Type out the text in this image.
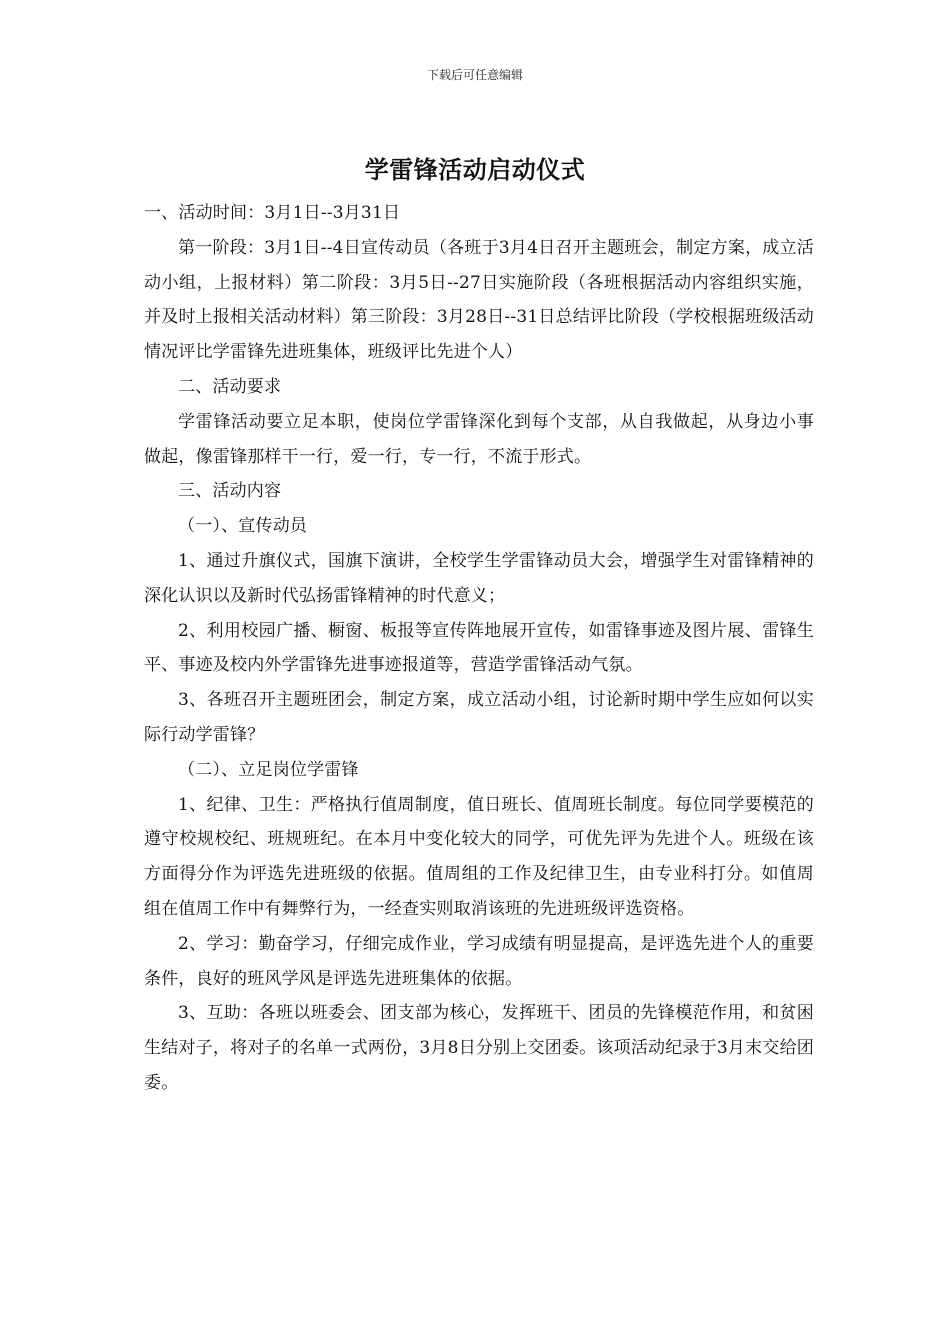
下载后可任意编辑
学雷锋活动启动仪式

一、活动时间：3月1日--3月31日

第一阶段：3月1日--4日宣传动员（各班于3月4日召开主题班会，制定方案，成立活动小组，上报材料）第二阶段：3月5日--27日实施阶段（各班根据活动内容组织实施，并及时上报相关活动材料）第三阶段：3月28日--31日总结评比阶段（学校根据班级活动情况评比学雷锋先进班集体，班级评比先进个人）

二、活动要求

学雷锋活动要立足本职，使岗位学雷锋深化到每个支部，从自我做起，从身边小事做起，像雷锋那样干一行，爱一行，专一行，不流于形式。

三、活动内容

（一）、宣传动员

1、通过升旗仪式，国旗下演讲，全校学生学雷锋动员大会，增强学生对雷锋精神的深化认识以及新时代弘扬雷锋精神的时代意义；

2、利用校园广播、橱窗、板报等宣传阵地展开宣传，如雷锋事迹及图片展、雷锋生平、事迹及校内外学雷锋先进事迹报道等，营造学雷锋活动气氛。

3、各班召开主题班团会，制定方案，成立活动小组，讨论新时期中学生应如何以实际行动学雷锋？

（二）、立足岗位学雷锋

1、纪律、卫生：严格执行值周制度，值日班长、值周班长制度。每位同学要模范的遵守校规校纪、班规班纪。在本月中变化较大的同学，可优先评为先进个人。班级在该方面得分作为评选先进班级的依据。值周组的工作及纪律卫生，由专业科打分。如值周组在值周工作中有舞弊行为，一经查实则取消该班的先进班级评选资格。

2、学习：勤奋学习，仔细完成作业，学习成绩有明显提高，是评选先进个人的重要条件，良好的班风学风是评选先进班集体的依据。

3、互助：各班以班委会、团支部为核心，发挥班干、团员的先锋模范作用，和贫困生结对子，将对子的名单一式两份，3月8日分别上交团委。该项活动纪录于3月末交给团委。
